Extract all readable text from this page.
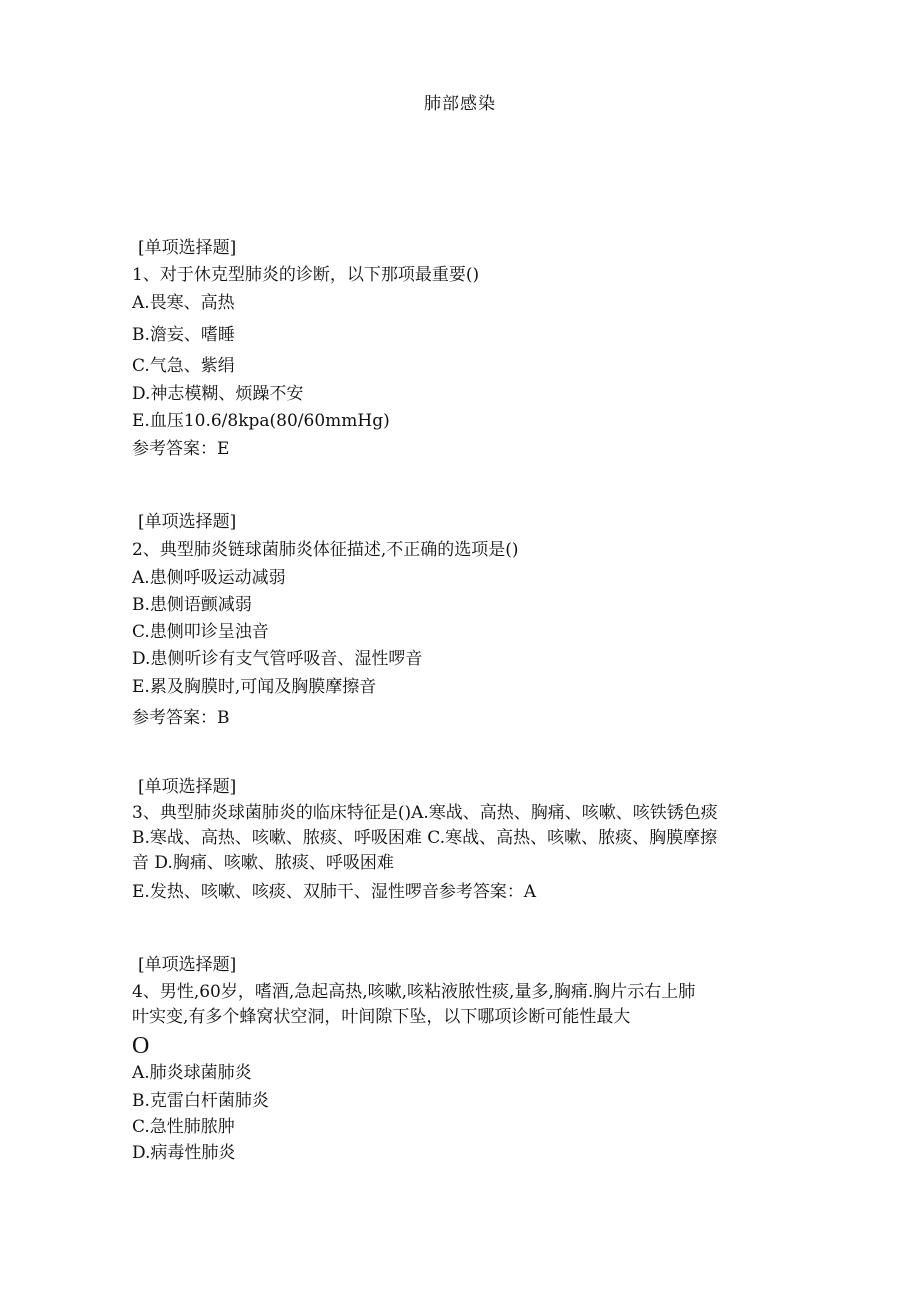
肺部感染
[单项选择题]
1、对于休克型肺炎的诊断，以下那项最重要()
A.畏寒、高热
B.澹妄、嗜睡
C.气急、紫绢
D.神志模糊、烦躁不安
E.血压10.6/8kpa(80/60mmHg)
参考答案：E
[单项选择题]
2、典型肺炎链球菌肺炎体征描述,不正确的选项是()
A.患侧呼吸运动减弱
B.患侧语颤减弱
C.患侧叩诊呈浊音
D.患侧听诊有支气管呼吸音、湿性啰音
E.累及胸膜时,可闻及胸膜摩擦音
参考答案：B
[单项选择题]
3、典型肺炎球菌肺炎的临床特征是()A.寒战、高热、胸痛、咳嗽、咳铁锈色痰
B.寒战、高热、咳嗽、脓痰、呼吸困难 C.寒战、高热、咳嗽、脓痰、胸膜摩擦
音 D.胸痛、咳嗽、脓痰、呼吸困难
E.发热、咳嗽、咳痰、双肺干、湿性啰音参考答案：A
[单项选择题]
4、男性,60岁，嗜酒,急起高热,咳嗽,咳粘液脓性痰,量多,胸痛.胸片示右上肺
叶实变,有多个蜂窝状空洞，叶间隙下坠，以下哪项诊断可能性最大
O
A.肺炎球菌肺炎
B.克雷白杆菌肺炎
C.急性肺脓肿
D.病毒性肺炎
